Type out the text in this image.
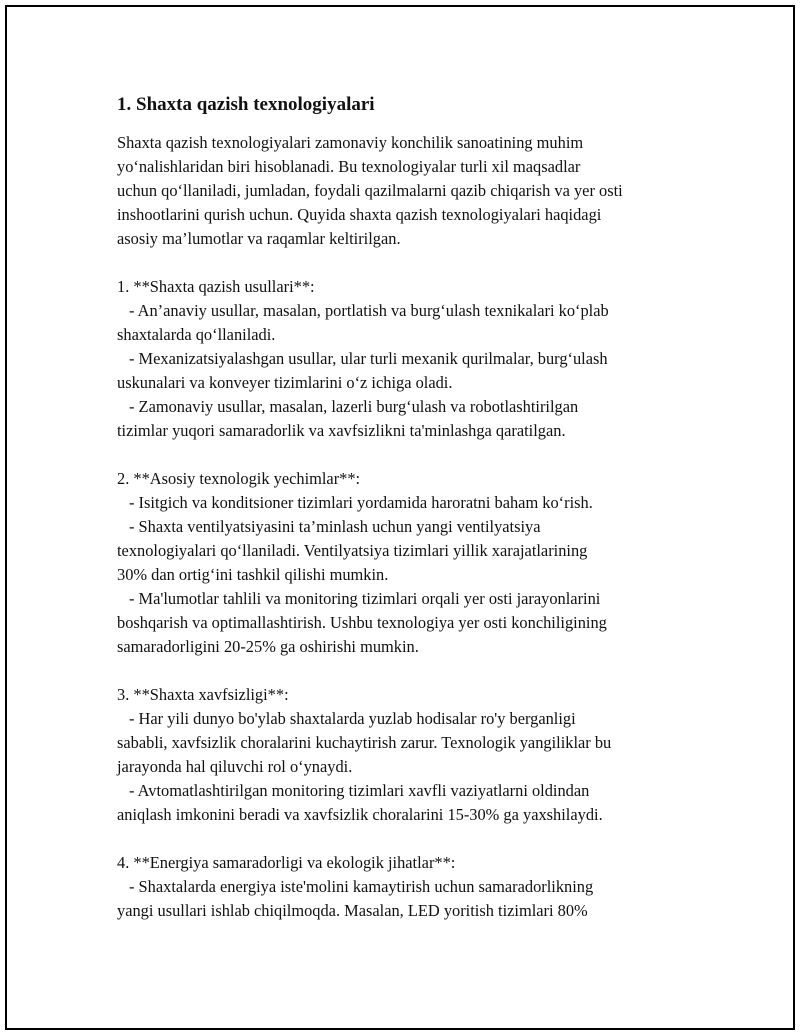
1. Shaxta qazish texnologiyalari

Shaxta qazish texnologiyalari zamonaviy konchilik sanoatining muhim

yo‘nalishlaridan biri hisoblanadi. Bu texnologiyalar turli xil maqsadlar

uchun qo‘llaniladi, jumladan, foydali qazilmalarni qazib chiqarish va yer osti

inshootlarini qurish uchun. Quyida shaxta qazish texnologiyalari haqidagi

asosiy ma’lumotlar va raqamlar keltirilgan.

1. **Shaxta qazish usullari**:

- An’anaviy usullar, masalan, portlatish va burg‘ulash texnikalari ko‘plab

shaxtalarda qo‘llaniladi.

- Mexanizatsiyalashgan usullar, ular turli mexanik qurilmalar, burg‘ulash

uskunalari va konveyer tizimlarini o‘z ichiga oladi.

- Zamonaviy usullar, masalan, lazerli burg‘ulash va robotlashtirilgan

tizimlar yuqori samaradorlik va xavfsizlikni ta'minlashga qaratilgan.

2. **Asosiy texnologik yechimlar**:

- Isitgich va konditsioner tizimlari yordamida haroratni baham ko‘rish.

- Shaxta ventilyatsiyasini ta’minlash uchun yangi ventilyatsiya

texnologiyalari qo‘llaniladi. Ventilyatsiya tizimlari yillik xarajatlarining

30% dan ortig‘ini tashkil qilishi mumkin.

- Ma'lumotlar tahlili va monitoring tizimlari orqali yer osti jarayonlarini

boshqarish va optimallashtirish. Ushbu texnologiya yer osti konchiligining

samaradorligini 20-25% ga oshirishi mumkin.

3. **Shaxta xavfsizligi**:

- Har yili dunyo bo'ylab shaxtalarda yuzlab hodisalar ro'y berganligi

sababli, xavfsizlik choralarini kuchaytirish zarur. Texnologik yangiliklar bu

jarayonda hal qiluvchi rol o‘ynaydi.

- Avtomatlashtirilgan monitoring tizimlari xavfli vaziyatlarni oldindan

aniqlash imkonini beradi va xavfsizlik choralarini 15-30% ga yaxshilaydi.

4. **Energiya samaradorligi va ekologik jihatlar**:

- Shaxtalarda energiya iste'molini kamaytirish uchun samaradorlikning

yangi usullari ishlab chiqilmoqda. Masalan, LED yoritish tizimlari 80%
